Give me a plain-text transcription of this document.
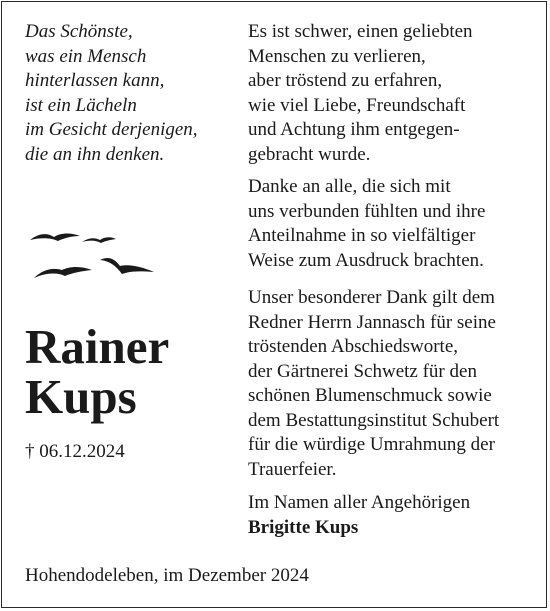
Das Schönste,
was ein Mensch
hinterlassen kann,
ist ein Lächeln
im Gesicht derjenigen,
die an ihn denken.
Rainer
Kups
† 06.12.2024

Es ist schwer, einen geliebten
Menschen zu verlieren,
aber tröstend zu erfahren,
wie viel Liebe, Freundschaft
und Achtung ihm entgegen-
gebracht wurde.

Danke an alle, die sich mit
uns verbunden fühlten und ihre
Anteilnahme in so vielfältiger
Weise zum Ausdruck brachten.

Unser besonderer Dank gilt dem
Redner Herrn Jannasch für seine
tröstenden Abschiedsworte,
der Gärtnerei Schwetz für den
schönen Blumenschmuck sowie
dem Bestattungsinstitut Schubert
für die würdige Umrahmung der
Trauerfeier.

Im Namen aller Angehörigen
Brigitte Kups

Hohendodeleben, im Dezember 2024
